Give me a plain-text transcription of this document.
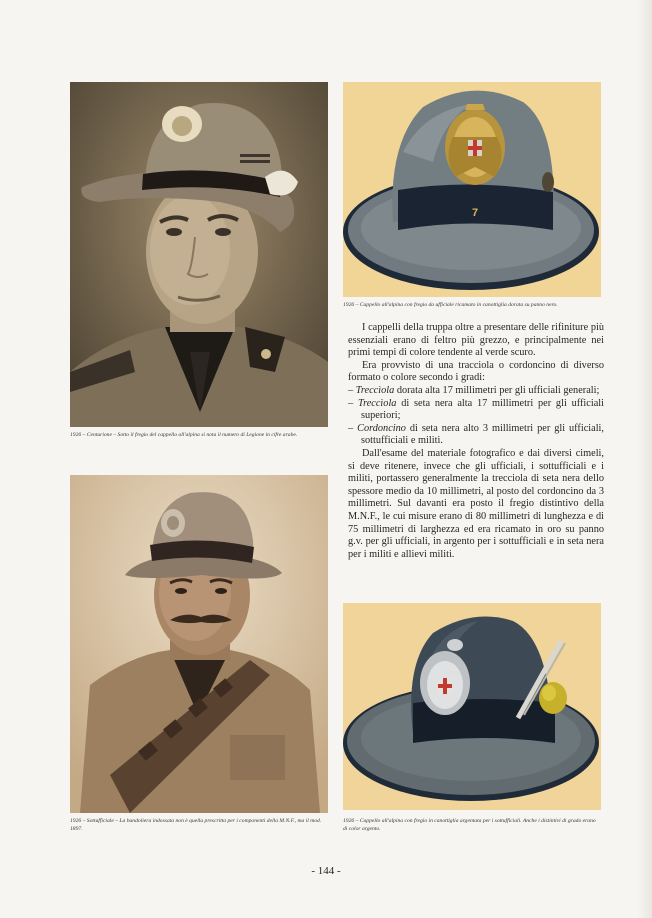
1926 – Centurione – Sotto il fregio del cappello all'alpina si nota il numero di Legione in cifre arabe.
7
1926 – Cappello all'alpina con fregio da ufficiale ricamato in canottiglia dorata su panno nero.

I cappelli della truppa oltre a presentare delle rifiniture più essenziali erano di feltro più grezzo, e principalmente nei primi tempi di colore tendente al verde scuro.

Era provvisto di una tracciola o cordoncino di diverso formato o colore secondo i gradi:

– Treccìola dorata alta 17 millimetri per gli ufficiali generali;
– Treccìola di seta nera alta 17 millimetri per gli ufficiali superiori;
– Cordoncino di seta nera alto 3 millimetri per gli ufficiali, sottufficiali e militi.

Dall'esame del materiale fotografico e dai diversi cimeli, si deve ritenere, invece che gli ufficiali, i sottufficiali e i militi, portassero generalmente la trecciola di seta nera dello spessore medio da 10 millimetri, al posto del cordoncino da 3 millimetri. Sul davanti era posto il fregio distintivo della M.N.F., le cui misure erano di 80 millimetri di lunghezza e di 75 millimetri di larghezza ed era ricamato in oro su panno g.v. per gli ufficiali, in argento per i sottufficiali e in seta nera per i militi e allievi militi.

1926 – Sottufficiale – La bandoliera indossata non è quella prescritta per i componenti della M.N.F., ma il mod. 1897.
1926 – Cappello all'alpina con fregio in canottiglia argentata per i sottufficiali. Anche i distintivi di grado erano di color argento.
- 144 -
